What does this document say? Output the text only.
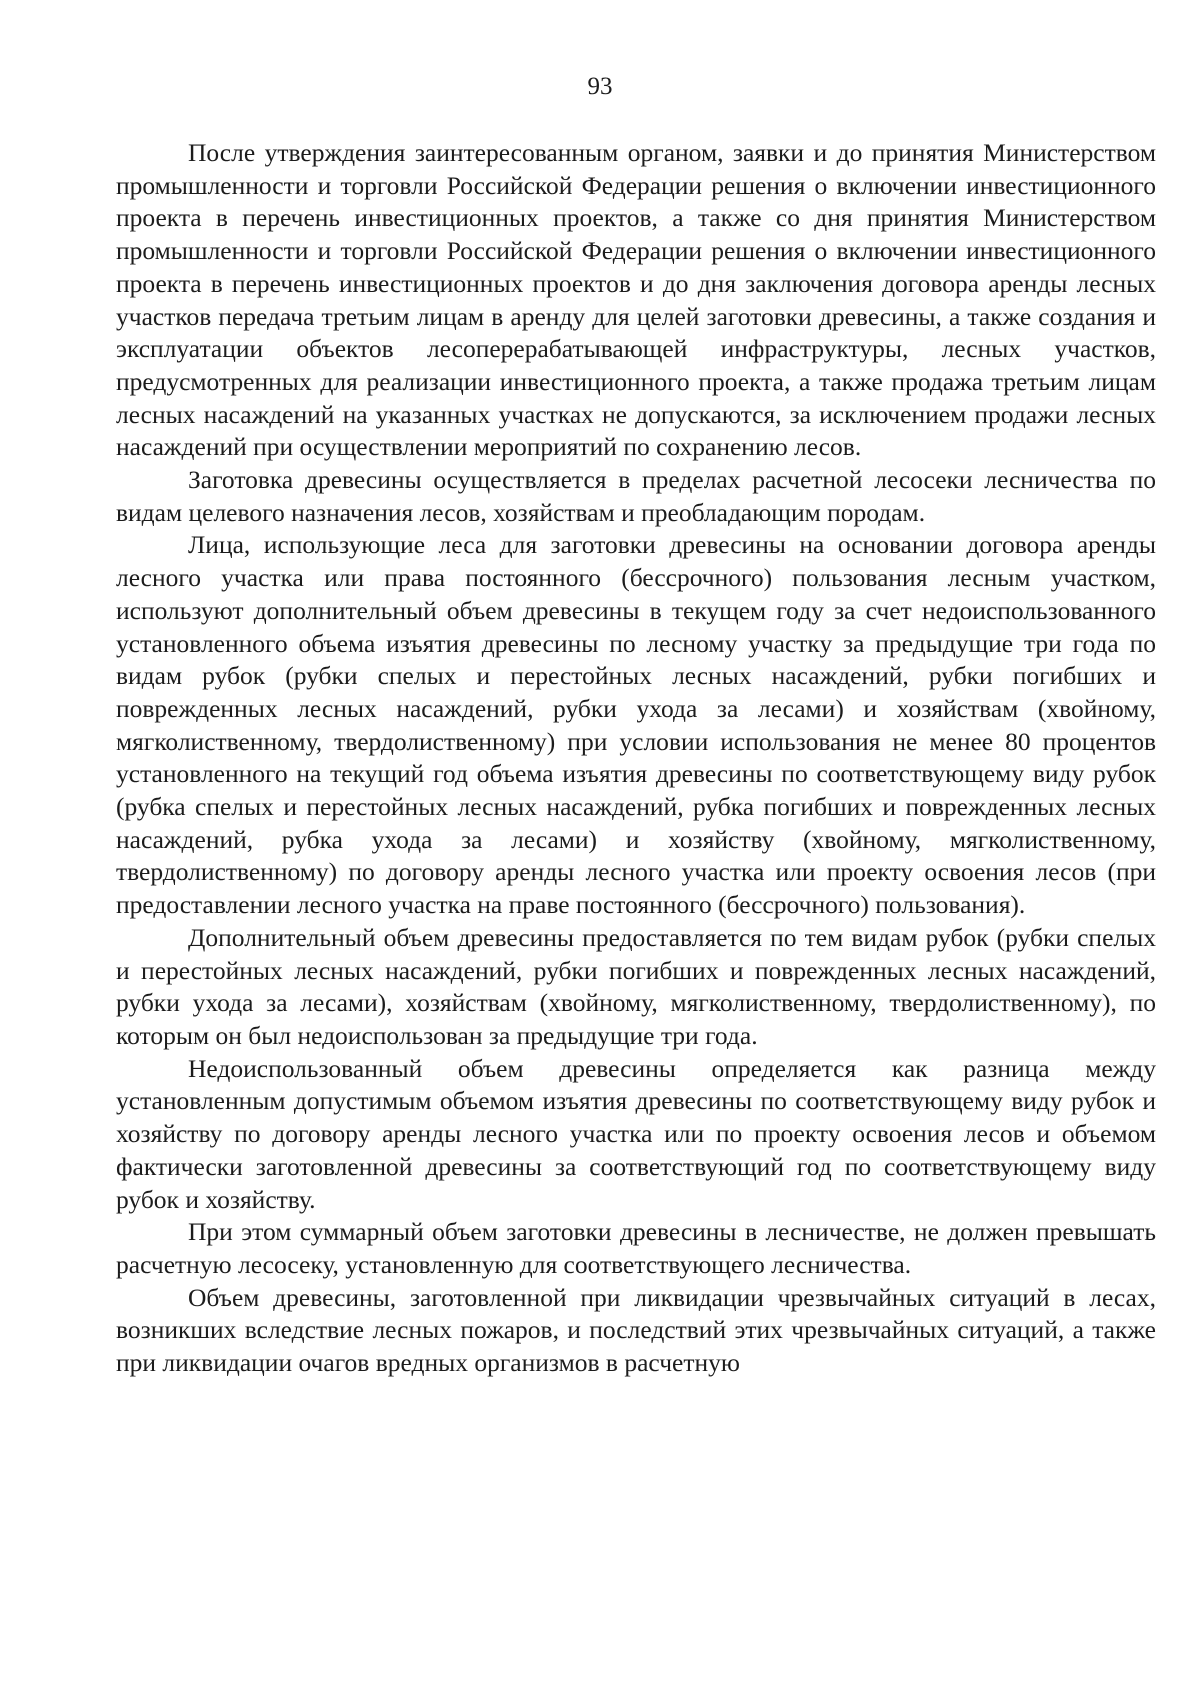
93

После утверждения заинтересованным органом, заявки и до принятия Министерством промышленности и торговли Российской Федерации решения о включении инвестиционного проекта в перечень инвестиционных проектов, а также со дня принятия Министерством промышленности и торговли Российской Федерации решения о включении инвестиционного проекта в перечень инвестиционных проектов и до дня заключения договора аренды лесных участков передача третьим лицам в аренду для целей заготовки древесины, а также создания и эксплуатации объектов лесоперерабатывающей инфраструктуры, лесных участков, предусмотренных для реализации инвестиционного проекта, а также продажа третьим лицам лесных насаждений на указанных участках не допускаются, за исключением продажи лесных насаждений при осуществлении мероприятий по сохранению лесов.

Заготовка древесины осуществляется в пределах расчетной лесосеки лесничества по видам целевого назначения лесов, хозяйствам и преобладающим породам.

Лица, использующие леса для заготовки древесины на основании договора аренды лесного участка или права постоянного (бессрочного) пользования лесным участком, используют дополнительный объем древесины в текущем году за счет недоиспользованного установленного объема изъятия древесины по лесному участку за предыдущие три года по видам рубок (рубки спелых и перестойных лесных насаждений, рубки погибших и поврежденных лесных насаждений, рубки ухода за лесами) и хозяйствам (хвойному, мягколиственному, твердолиственному) при условии использования не менее 80 процентов установленного на текущий год объема изъятия древесины по соответствующему виду рубок (рубка спелых и перестойных лесных насаждений, рубка погибших и поврежденных лесных насаждений, рубка ухода за лесами) и хозяйству (хвойному, мягколиственному, твердолиственному) по договору аренды лесного участка или проекту освоения лесов (при предоставлении лесного участка на праве постоянного (бессрочного) пользования).

Дополнительный объем древесины предоставляется по тем видам рубок (рубки спелых и перестойных лесных насаждений, рубки погибших и поврежденных лесных насаждений, рубки ухода за лесами), хозяйствам (хвойному, мягколиственному, твердолиственному), по которым он был недоиспользован за предыдущие три года.

Недоиспользованный объем древесины определяется как разница между установленным допустимым объемом изъятия древесины по соответствующему виду рубок и хозяйству по договору аренды лесного участка или по проекту освоения лесов и объемом фактически заготовленной древесины за соответствующий год по соответствующему виду рубок и хозяйству.

При этом суммарный объем заготовки древесины в лесничестве, не должен превышать расчетную лесосеку, установленную для соответствующего лесничества.

Объем древесины, заготовленной при ликвидации чрезвычайных ситуаций в лесах, возникших вследствие лесных пожаров, и последствий этих чрезвычайных ситуаций, а также при ликвидации очагов вредных организмов в расчетную
